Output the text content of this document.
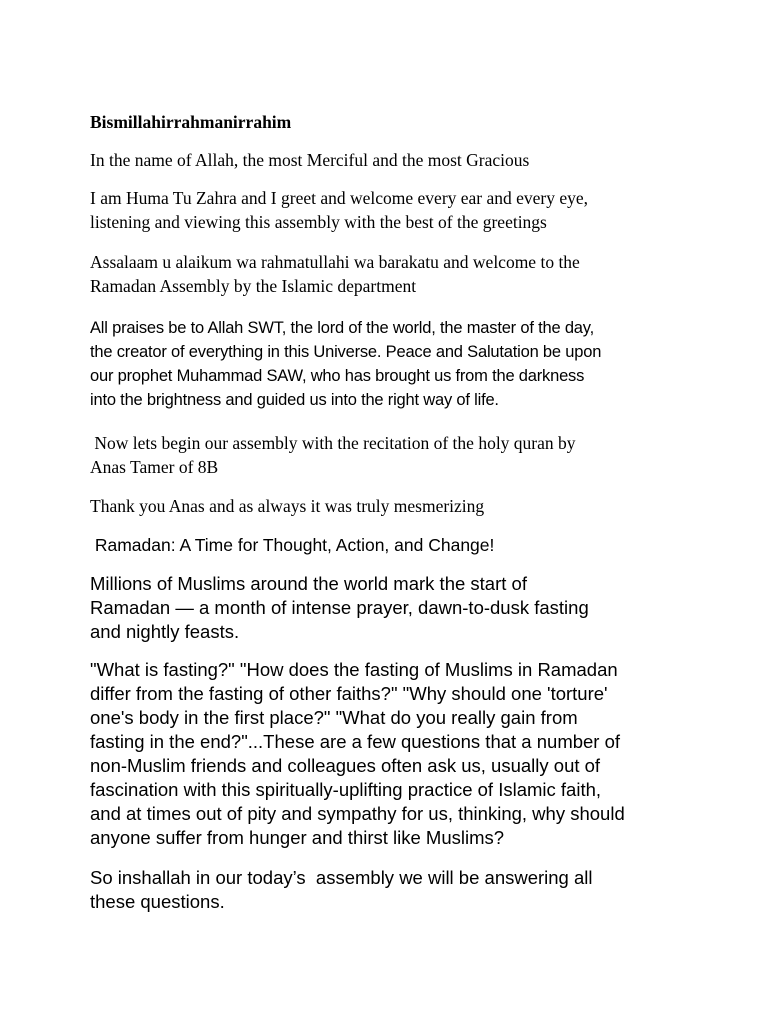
Bismillahirrahmanirrahim
In the name of Allah, the most Merciful and the most Gracious
I am Huma Tu Zahra and I greet and welcome every ear and every eye,
listening and viewing this assembly with the best of the greetings
Assalaam u alaikum wa rahmatullahi wa barakatu and welcome to the
Ramadan Assembly by the Islamic department
All praises be to Allah SWT, the lord of the world, the master of the day,
the creator of everything in this Universe. Peace and Salutation be upon
our prophet Muhammad SAW, who has brought us from the darkness
into the brightness and guided us into the right way of life.
Now lets begin our assembly with the recitation of the holy quran by
Anas Tamer of 8B
Thank you Anas and as always it was truly mesmerizing
Ramadan: A Time for Thought, Action, and Change!
Millions of Muslims around the world mark the start of
Ramadan — a month of intense prayer, dawn-to-dusk fasting
and nightly feasts.
"What is fasting?" "How does the fasting of Muslims in Ramadan
differ from the fasting of other faiths?" "Why should one 'torture'
one's body in the first place?" "What do you really gain from
fasting in the end?"...These are a few questions that a number of
non-Muslim friends and colleagues often ask us, usually out of
fascination with this spiritually-uplifting practice of Islamic faith,
and at times out of pity and sympathy for us, thinking, why should
anyone suffer from hunger and thirst like Muslims?
So inshallah in our today’s  assembly we will be answering all
these questions.
